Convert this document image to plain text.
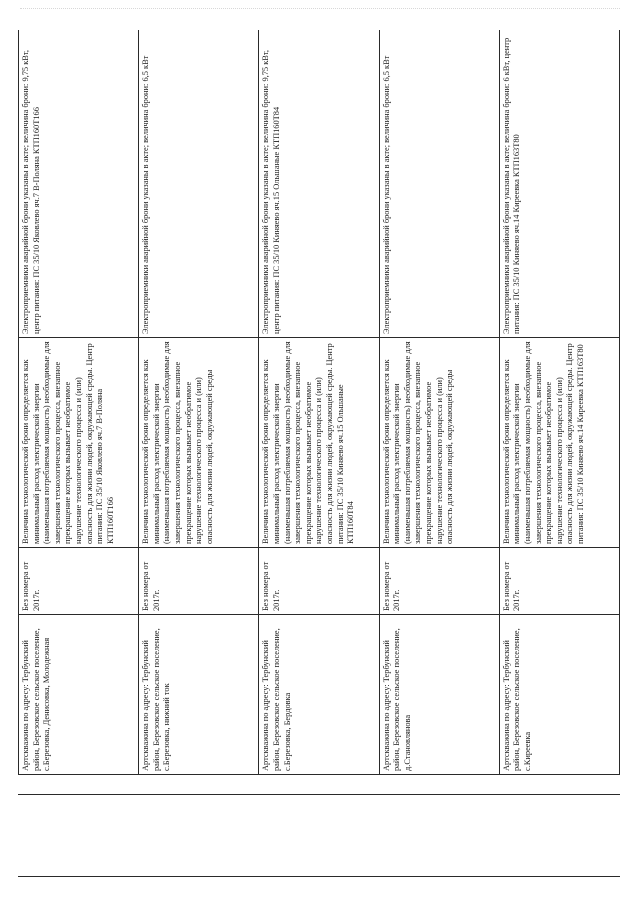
Артскважина по адресу: Тербунский район, Березовское сельское поселение, с.Березовка, Денисовка, Молодежная	Без номера от 2017г.	Величина технологической брони определяется как минимальный расход электрической энергии (наименьшая потребляемая мощность) необходимые для завершения технологического процесса, внезапное прекращение которых вызывает необратимое нарушение технологического процесса и (или) опасность для жизни людей, окружающей среды. Центр питания: ПС 35/10 Яковлево яч.7 В-Полянa КТП160Т166	Электроприемники аварийной брони указаны в акте; величина брони: 9,75 кВт, центр питания: ПС 35/10 Яковлево яч.7 В-Поляна КТП160Т166
Артскважина по адресу: Тербунский район, Березовское сельское поселение, с.Березовка, нижний ток	Без номера от 2017г.	Величина технологической брони определяется как минимальный расход электрической энергии (наименьшая потребляемая мощность) необходимые для завершения технологического процесса, внезапное прекращение которых вызывает необратимое нарушение технологического процесса и (или) опасность для жизни людей, окружающей среды	Электроприемники аварийной брони указаны в акте; величина брони: 6,5 кВт
Артскважина по адресу: Тербунский район, Березовское сельское поселение, с.Березовка, Бердовка	Без номера от 2017г.	Величина технологической брони определяется как минимальный расход электрической энергии (наименьшая потребляемая мощность) необходимые для завершения технологического процесса, внезапное прекращение которых вызывает необратимое нарушение технологического процесса и (или) опасность для жизни людей, окружающей среды. Центр питания: ПС 35/10 Киняево яч.15 Ольшаные КТП160Т84	Электроприемники аварийной брони указаны в акте; величина брони: 9,75 кВт, центр питания: ПС 35/10 Киняево яч.15 Ольшаные КТП160Т84
Артскважина по адресу: Тербунский район, Березовское сельское поселение, д.Становлянова	Без номера от 2017г.	Величина технологической брони определяется как минимальный расход электрической энергии (наименьшая потребляемая мощность) необходимые для завершения технологического процесса, внезапное прекращение которых вызывает необратимое нарушение технологического процесса и (или) опасность для жизни людей, окружающей среды	Электроприемники аварийной брони указаны в акте; величина брони: 6,5 кВт
Артскважина по адресу: Тербунский район, Березовское сельское поселение, с.Киреевка	Без номера от 2017г.	Величина технологической брони определяется как минимальный расход электрической энергии (наименьшая потребляемая мощность) необходимые для завершения технологического процесса, внезапное прекращение которых вызывает необратимое нарушение технологического процесса и (или) опасность для жизни людей, окружающей среды. Центр питания: ПС 35/10 Киняево яч.14 Киреевка КТП163Т80	Электроприемники аварийной брони указаны в акте; величина брони: 6 кВт, центр питания: ПС 35/10 Киняево яч.14 Киреевка КТП163Т80
